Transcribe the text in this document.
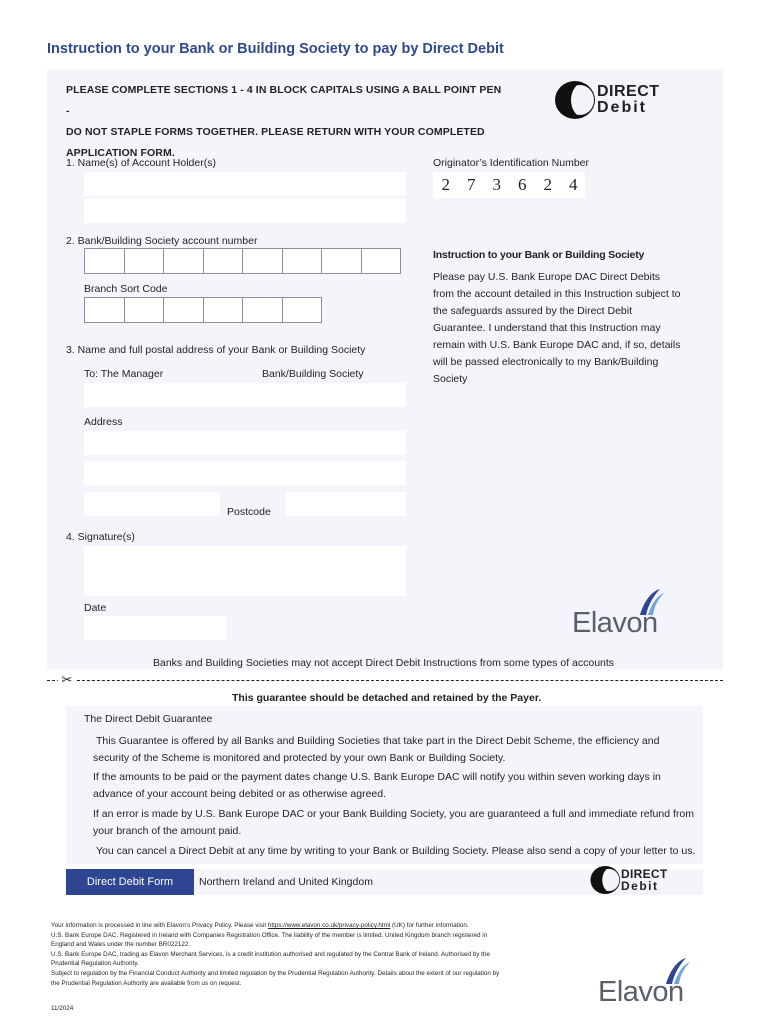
Instruction to your Bank or Building Society to pay by Direct Debit
PLEASE COMPLETE SECTIONS 1 - 4 IN BLOCK CAPITALS USING A BALL POINT PEN -
DO NOT STAPLE FORMS TOGETHER. PLEASE RETURN WITH YOUR COMPLETED
APPLICATION FORM.
DIRECT
Debit
1. Name(s) of Account Holder(s)	Originator’s Identification Number
2	7	3	6	2	4
2. Bank/Building Society account number
Branch Sort Code
Instruction to your Bank or Building Society
Please pay U.S. Bank Europe DAC Direct Debits from the account detailed in this Instruction subject to the safeguards assured by the Direct Debit Guarantee. I understand that this Instruction may remain with U.S. Bank Europe DAC and, if so, details will be passed electronically to my Bank/Building Society
3. Name and full postal address of your Bank or Building Society
To: The Manager	Bank/Building Society
Address
Postcode
4. Signature(s)
Date	Elavon
Banks and Building Societies may not accept Direct Debit Instructions from some types of accounts
✂
This guarantee should be detached and retained by the Payer.
The Direct Debit Guarantee
This Guarantee is offered by all Banks and Building Societies that take part in the Direct Debit Scheme, the efficiency and security of the Scheme is monitored and protected by your own Bank or Building Society.
If the amounts to be paid or the payment dates change U.S. Bank Europe DAC will notify you within seven working days in advance of your account being debited or as otherwise agreed.
If an error is made by U.S. Bank Europe DAC or your Bank Building Society, you are guaranteed a full and immediate refund from your branch of the amount paid.
You can cancel a Direct Debit at any time by writing to your Bank or Building Society. Please also send a copy of your letter to us.
Direct Debit Form	Northern Ireland and United Kingdom
DIRECT
Debit
Your information is processed in line with Elavon’s Privacy Policy. Please visit https://www.elavon.co.uk/privacy-policy.html (UK) for further information.
U.S. Bank Europe DAC. Registered in Ireland with Companies Registration Office. The liability of the member is limited. United Kingdom branch registered in
England and Wales under the number BR022122.
U.S. Bank Europe DAC, trading as Elavon Merchant Services, is a credit institution authorised and regulated by the Central Bank of Ireland. Authorised by the
Prudential Regulation Authority.
Subject to regulation by the Financial Conduct Authority and limited regulation by the Prudential Regulation Authority. Details about the extent of our regulation by
the Prudential Regulation Authority are available from us on request.
11/2024
Elavon
